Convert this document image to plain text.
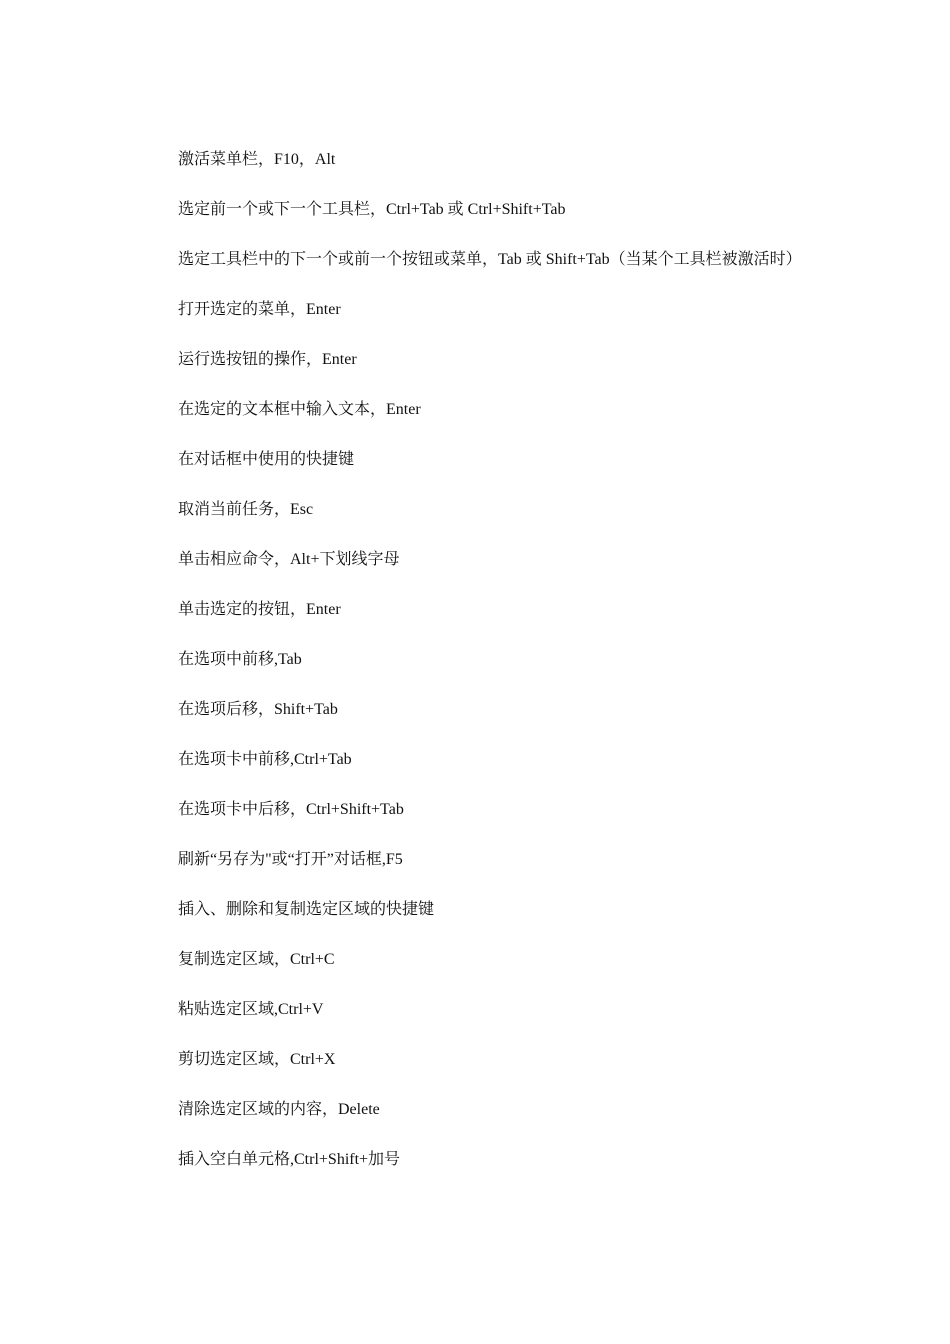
激活菜单栏，F10，Alt

选定前一个或下一个工具栏，Ctrl+Tab 或 Ctrl+Shift+Tab

选定工具栏中的下一个或前一个按钮或菜单，Tab 或 Shift+Tab（当某个工具栏被激活时）

打开选定的菜单，Enter

运行选按钮的操作，Enter

在选定的文本框中输入文本，Enter

在对话框中使用的快捷键

取消当前任务，Esc

单击相应命令，Alt+下划线字母

单击选定的按钮，Enter

在选项中前移,Tab

在选项后移，Shift+Tab

在选项卡中前移,Ctrl+Tab

在选项卡中后移，Ctrl+Shift+Tab

刷新“另存为"或“打开”对话框,F5

插入、删除和复制选定区域的快捷键

复制选定区域，Ctrl+C

粘贴选定区域,Ctrl+V

剪切选定区域，Ctrl+X

清除选定区域的内容，Delete

插入空白单元格,Ctrl+Shift+加号
